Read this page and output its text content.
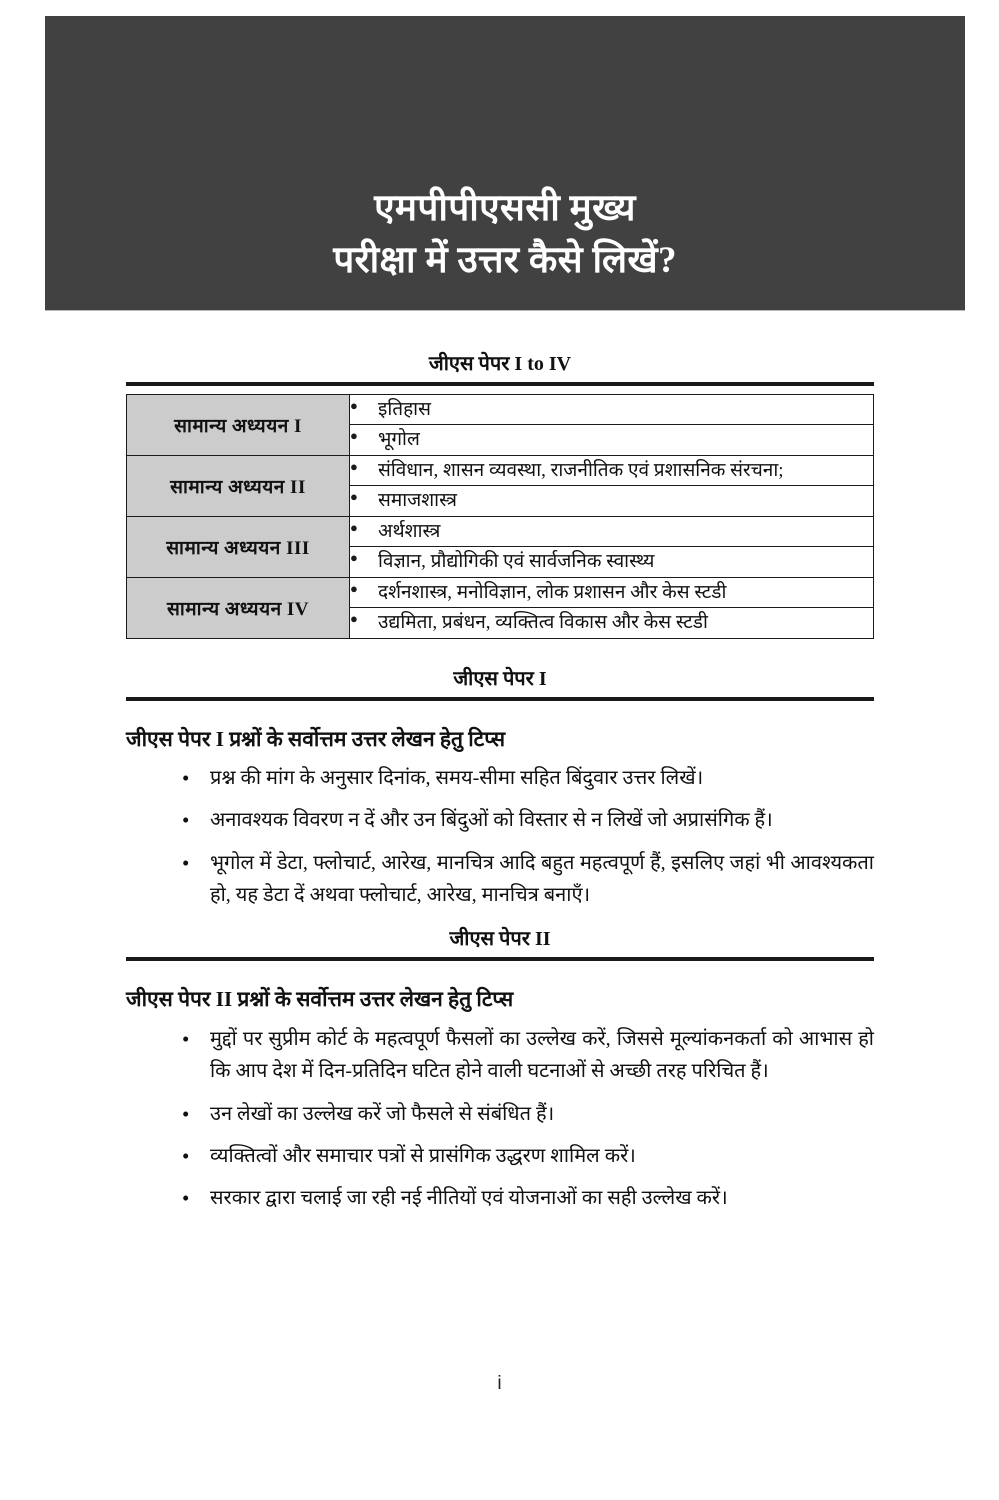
एमपीपीएससी मुख्य
परीक्षा में उत्तर कैसे लिखें?
जीएस पेपर I to IV
सामान्य अध्ययन I	● इतिहास

	● भूगोल

सामान्य अध्ययन II	● संविधान, शासन व्यवस्था, राजनीतिक एवं प्रशासनिक संरचना;

	● समाजशास्त्र

सामान्य अध्ययन III	● अर्थशास्त्र

	● विज्ञान, प्रौद्योगिकी एवं सार्वजनिक स्वास्थ्य

सामान्य अध्ययन IV	● दर्शनशास्त्र, मनोविज्ञान, लोक प्रशासन और केस स्टडी

	● उद्यमिता, प्रबंधन, व्यक्तित्व विकास और केस स्टडी
जीएस पेपर I
जीएस पेपर I प्रश्नों के सर्वोत्तम उत्तर लेखन हेतु टिप्स
• प्रश्न की मांग के अनुसार दिनांक, समय-सीमा सहित बिंदुवार उत्तर लिखें।
• अनावश्यक विवरण न दें और उन बिंदुओं को विस्तार से न लिखें जो अप्रासंगिक हैं।
• भूगोल में डेटा, फ्लोचार्ट, आरेख, मानचित्र आदि बहुत महत्वपूर्ण हैं, इसलिए जहां भी आवश्यकता हो, यह डेटा दें अथवा फ्लोचार्ट, आरेख, मानचित्र बनाएँ।
जीएस पेपर II
जीएस पेपर II प्रश्नों के सर्वोत्तम उत्तर लेखन हेतु टिप्स
• मुद्दों पर सुप्रीम कोर्ट के महत्वपूर्ण फैसलों का उल्लेख करें, जिससे मूल्यांकनकर्ता को आभास हो कि आप देश में दिन-प्रतिदिन घटित होने वाली घटनाओं से अच्छी तरह परिचित हैं।
• उन लेखों का उल्लेख करें जो फैसले से संबंधित हैं।
• व्यक्तित्वों और समाचार पत्रों से प्रासंगिक उद्धरण शामिल करें।
• सरकार द्वारा चलाई जा रही नई नीतियों एवं योजनाओं का सही उल्लेख करें।
i
